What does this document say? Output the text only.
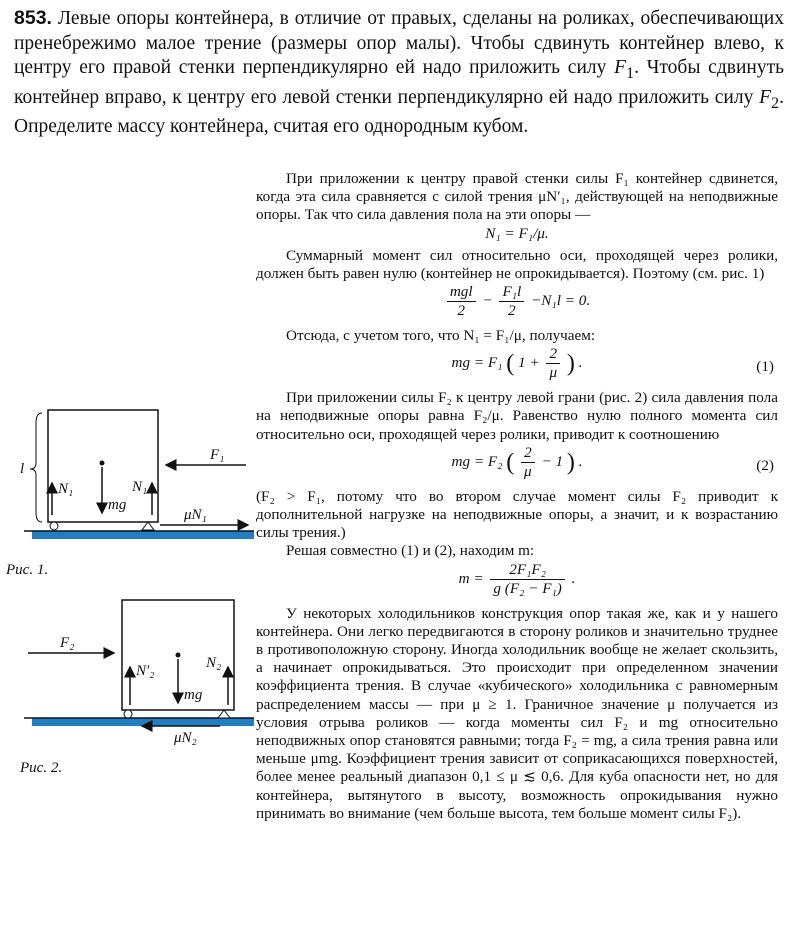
853. Левые опоры контейнера, в отличие от правых, сделаны на роликах, обеспечивающих пренебрежимо малое трение (размеры опор малы). Чтобы сдвинуть контейнер влево, к центру его правой стенки перпендикулярно ей надо приложить силу $F_1$. Чтобы сдвинуть контейнер вправо, к центру его левой стенки перпендикулярно ей надо приложить силу $F_2$. Определите массу контейнера, считая его однородным кубом.

При приложении к центру правой стенки силы F₁ контейнер сдвинется, когда эта сила сравняется с силой трения μN′₁, действующей на неподвижные опоры. Так что сила давления пола на эти опоры —

N₁ = F₁/μ.

Суммарный момент сил относительно оси, проходящей через ролики, должен быть равен нулю (контейнер не опрокидывается). Поэтому (см. рис. 1)

mgl
2
− $\frac{\text{F₁l}}{2} -N_1l = 0$.

Отсюда, с учетом того, что N₁ = F₁/μ, получаем:

mg = F₁ ( $1 + \frac{2}{\mu}$ ) .	(1)

При приложении силы F₂ к центру левой грани (рис. 2) сила давления пола на неподвижные опоры равна F₂/μ. Равенство нулю полного момента сил относительно оси, проходящей через ролики, приводит к соотношению

mg = F₂ ( $\frac{2}{\mu} - 1$ ) .	(2)

(F₂ > F₁, потому что во втором случае момент силы F₂ приводит к дополнительной нагрузке на неподвижные опоры, а значит, и к возрастанию силы трения.)

Решая совместно (1) и (2), находим m:

$m = \frac{\text{2F₁F₂}}{\text{g (F₂ − F₁)}}$ .

У некоторых холодильников конструкция опор такая же, как и у нашего контейнера. Они легко передвигаются в сторону роликов и значительно труднее в противоположную сторону. Иногда холодильник вообще не желает скользить, а начинает опрокидываться. Это происходит при определенном значении коэффициента трения. В случае «кубического» холодильника с равномерным распределением массы — при μ ≥ 1. Граничное значение μ получается из условия отрыва роликов — когда моменты сил F₂ и mg относительно неподвижных опор становятся равными; тогда F₂ = mg, а сила трения равна или меньше μmg. Коэффициент трения зависит от соприкасающихся поверхностей, более менее реальный диапазон 0,1 ≤ μ ≲ 0,6. Для куба опасности нет, но для контейнера, вытянутого в высоту, возможность опрокидывания нужно принимать во внимание (чем больше высота, тем больше момент силы F₂).

l
N₁
mg
N₁
F₁
μN₁
Рис. 1.
F₂
N′₂
mg
N₂
μN₂
Рис. 2.
